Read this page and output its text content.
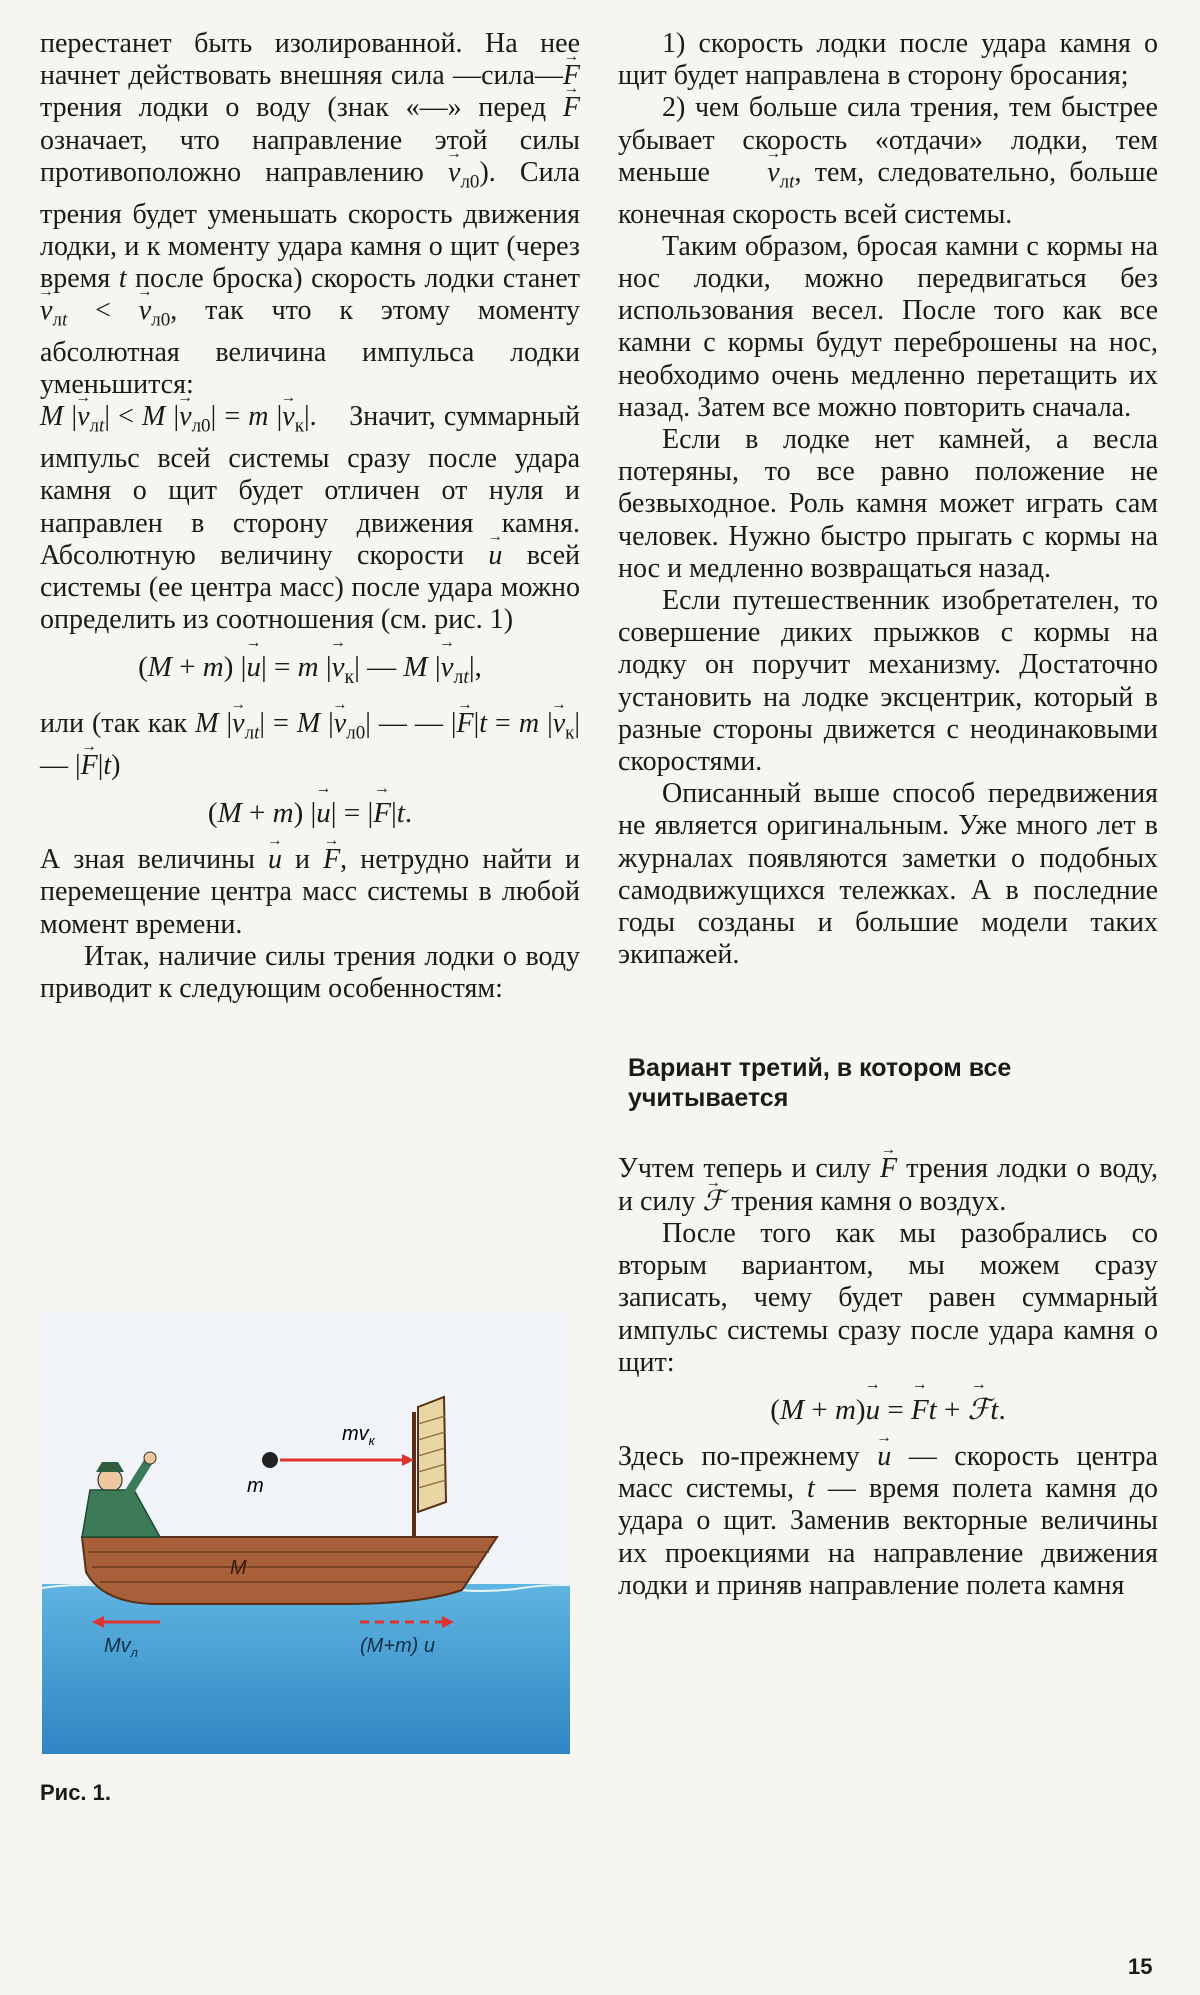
перестанет быть изолированной. На нее начнет действовать внешняя сила —сила—→ F трения лодки о воду (знак «—» перед → F означает, что направление этой силы противоположно направлению → $v_{л0}$). Сила трения будет уменьшать скорость движения лодки, и к моменту удара камня о щит (через время t после броска) скорость лодки станет → $v_{лt}$ < → $v_{л0}$, так что к этому моменту абсолютная величина импульса лодки уменьшится:

M |→ $v_{лt}| < M$ |→ $v_{л0}| = m$ |→ $v_к|$.    Значит, суммарный импульс всей системы сразу после удара камня о щит будет отличен от нуля и направлен в сторону движения камня. Абсолютную величину скорости → u всей системы (ее центра масс) после удара можно определить из соотношения (см. рис. 1)

(M + m) |→ u| = m |→ $v_к|$ — M |→ $v_{лt}|$,

или (так как M |→ $v_{лt}| = M$ |→ $v_{л0}|$ — — |→ F|t = m |→ $v_к|$ — |→ F|t)

(M + m) |→ u| = |→ F|t.

А зная величины → u и → F, нетрудно найти и перемещение центра масс системы в любой момент времени.

Итак, наличие силы трения лодки о воду приводит к следующим особенностям:

1) скорость лодки после удара камня о щит будет направлена в сторону бросания;

2) чем больше сила трения, тем быстрее убывает скорость «отдачи» лодки, тем меньше → $v_{лt}$, тем, следовательно, больше конечная скорость всей системы.

Таким образом, бросая камни с кормы на нос лодки, можно передвигаться без использования весел. После того как все камни с кормы будут переброшены на нос, необходимо очень медленно перетащить их назад. Затем все можно повторить сначала.

Если в лодке нет камней, а весла потеряны, то все равно положение не безвыходное. Роль камня может играть сам человек. Нужно быстро прыгать с кормы на нос и медленно возвращаться назад.

Если путешественник изобретателен, то совершение диких прыжков с кормы на лодку он поручит механизму. Достаточно установить на лодке эксцентрик, который в разные стороны движется с неодинаковыми скоростями.

Описанный выше способ передвижения не является оригинальным. Уже много лет в журналах появляются заметки о подобных самодвижущихся тележках. А в последние годы созданы и большие модели таких экипажей.

Вариант третий, в котором все учитывается

Учтем теперь и силу → F трения лодки о воду, и силу → ℱ трения камня о воздух.

После того как мы разобрались со вторым вариантом, мы можем сразу записать, чему будет равен суммарный импульс системы сразу после удара камня о щит:

(M + m)→ u = → Ft + → ℱt.

Здесь по-прежнему → u — скорость центра масс системы, t — время полета камня до удара о щит. Заменив векторные величины их проекциями на направление движения лодки и приняв направление полета камня

m
$mv_к$
M
$Mv_л$	(M+m) u
Рис. 1.
15
